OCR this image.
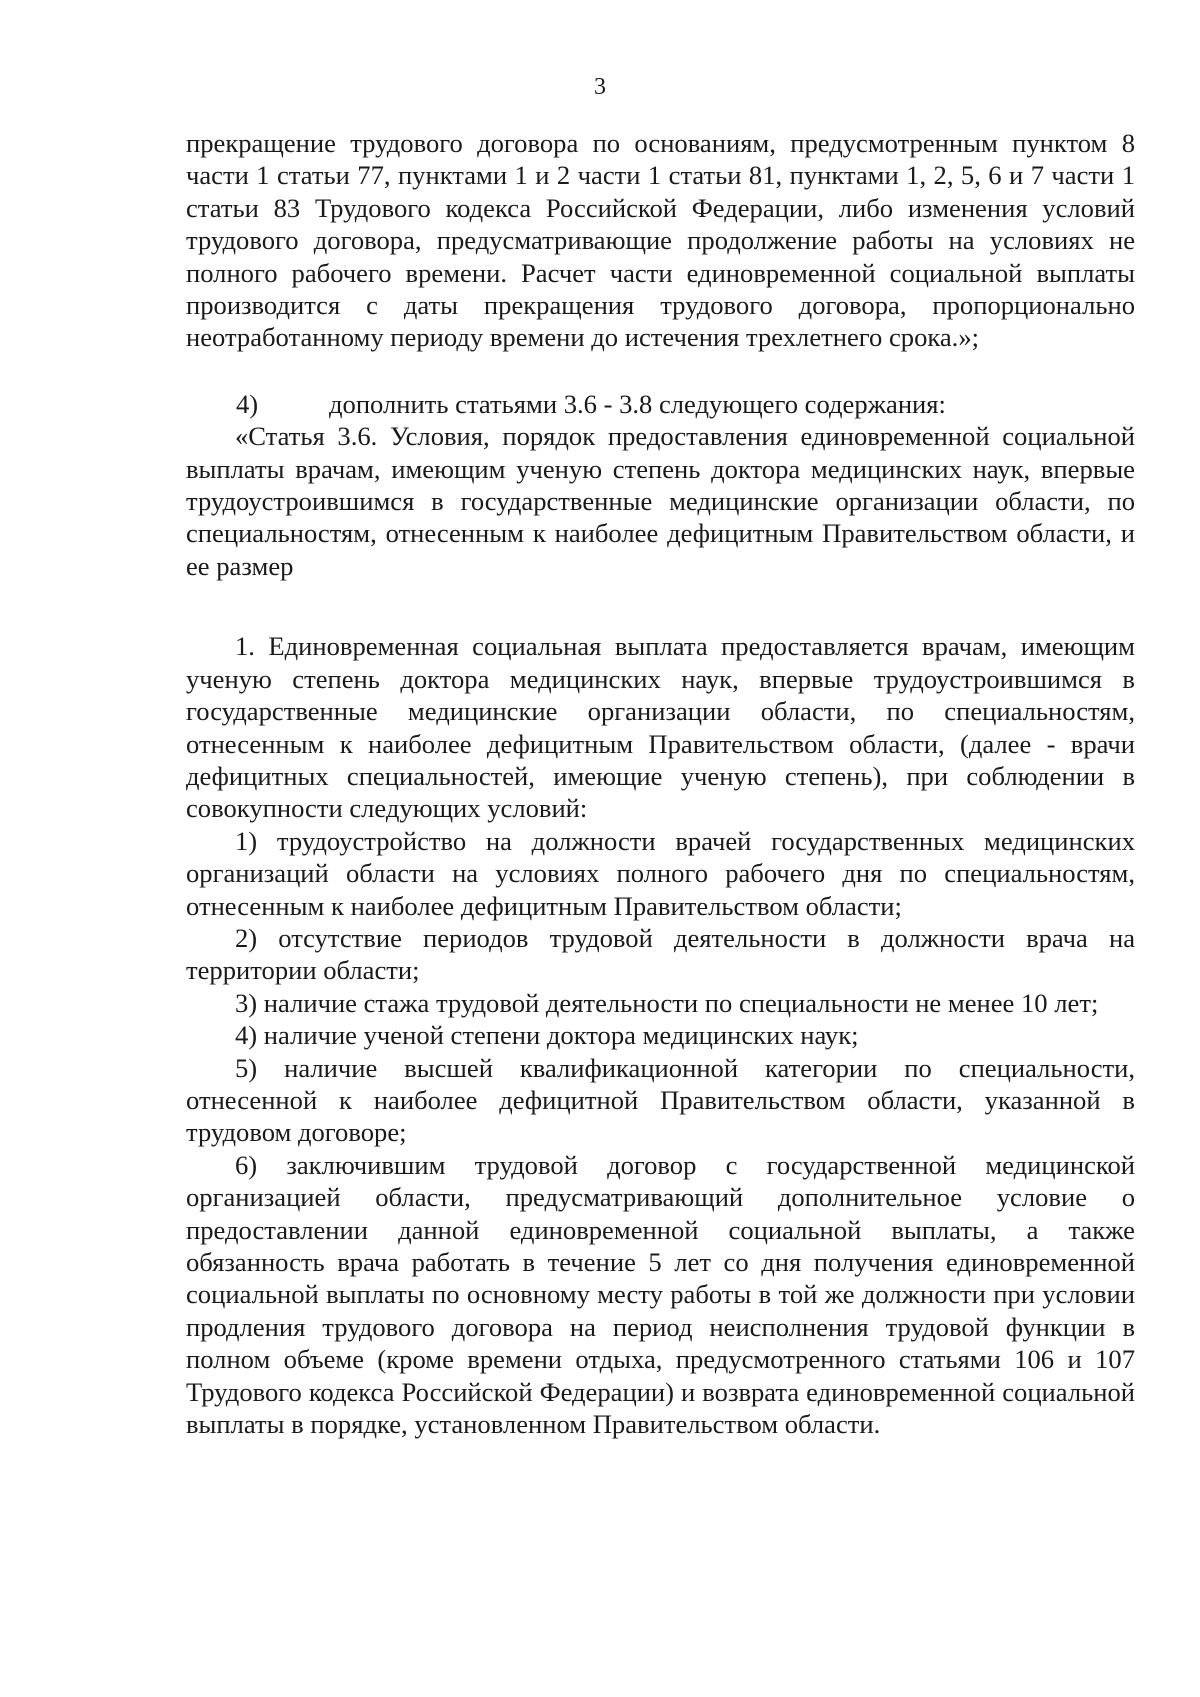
3

прекращение трудового договора по основаниям, предусмотренным пунктом 8 части 1 статьи 77, пунктами 1 и 2 части 1 статьи 81, пунктами 1, 2, 5, 6 и 7 части 1 статьи 83 Трудового кодекса Российской Федерации, либо изменения условий трудового договора, предусматривающие продолжение работы на условиях не полного рабочего времени. Расчет части единовременной социальной выплаты производится с даты прекращения трудового договора, пропорционально неотработанному периоду времени до истечения трехлетнего срока.»;

4)	дополнить статьями 3.6 - 3.8 следующего содержания:

«Статья 3.6. Условия, порядок предоставления единовременной социальной выплаты врачам, имеющим ученую степень доктора медицинских наук, впервые трудоустроившимся в государственные медицинские организации области, по специальностям, отнесенным к наиболее дефицитным Правительством области, и ее размер

1. Единовременная социальная выплата предоставляется врачам, имеющим ученую степень доктора медицинских наук, впервые трудоустроившимся в государственные медицинские организации области, по специальностям, отнесенным к наиболее дефицитным Правительством области, (далее - врачи дефицитных специальностей, имеющие ученую степень), при соблюдении в совокупности следующих условий:

1) трудоустройство на должности врачей государственных медицинских организаций области на условиях полного рабочего дня по специальностям, отнесенным к наиболее дефицитным Правительством области;

2) отсутствие периодов трудовой деятельности в должности врача на территории области;

3) наличие стажа трудовой деятельности по специальности не менее 10 лет;

4) наличие ученой степени доктора медицинских наук;

5) наличие высшей квалификационной категории по специальности, отнесенной к наиболее дефицитной Правительством области, указанной в трудовом договоре;

6) заключившим трудовой договор с государственной медицинской организацией области, предусматривающий дополнительное условие о предоставлении данной единовременной социальной выплаты, а также обязанность врача работать в течение 5 лет со дня получения единовременной социальной выплаты по основному месту работы в той же должности при условии продления трудового договора на период неисполнения трудовой функции в полном объеме (кроме времени отдыха, предусмотренного статьями 106 и 107 Трудового кодекса Российской Федерации) и возврата единовременной социальной выплаты в порядке, установленном Правительством области.
